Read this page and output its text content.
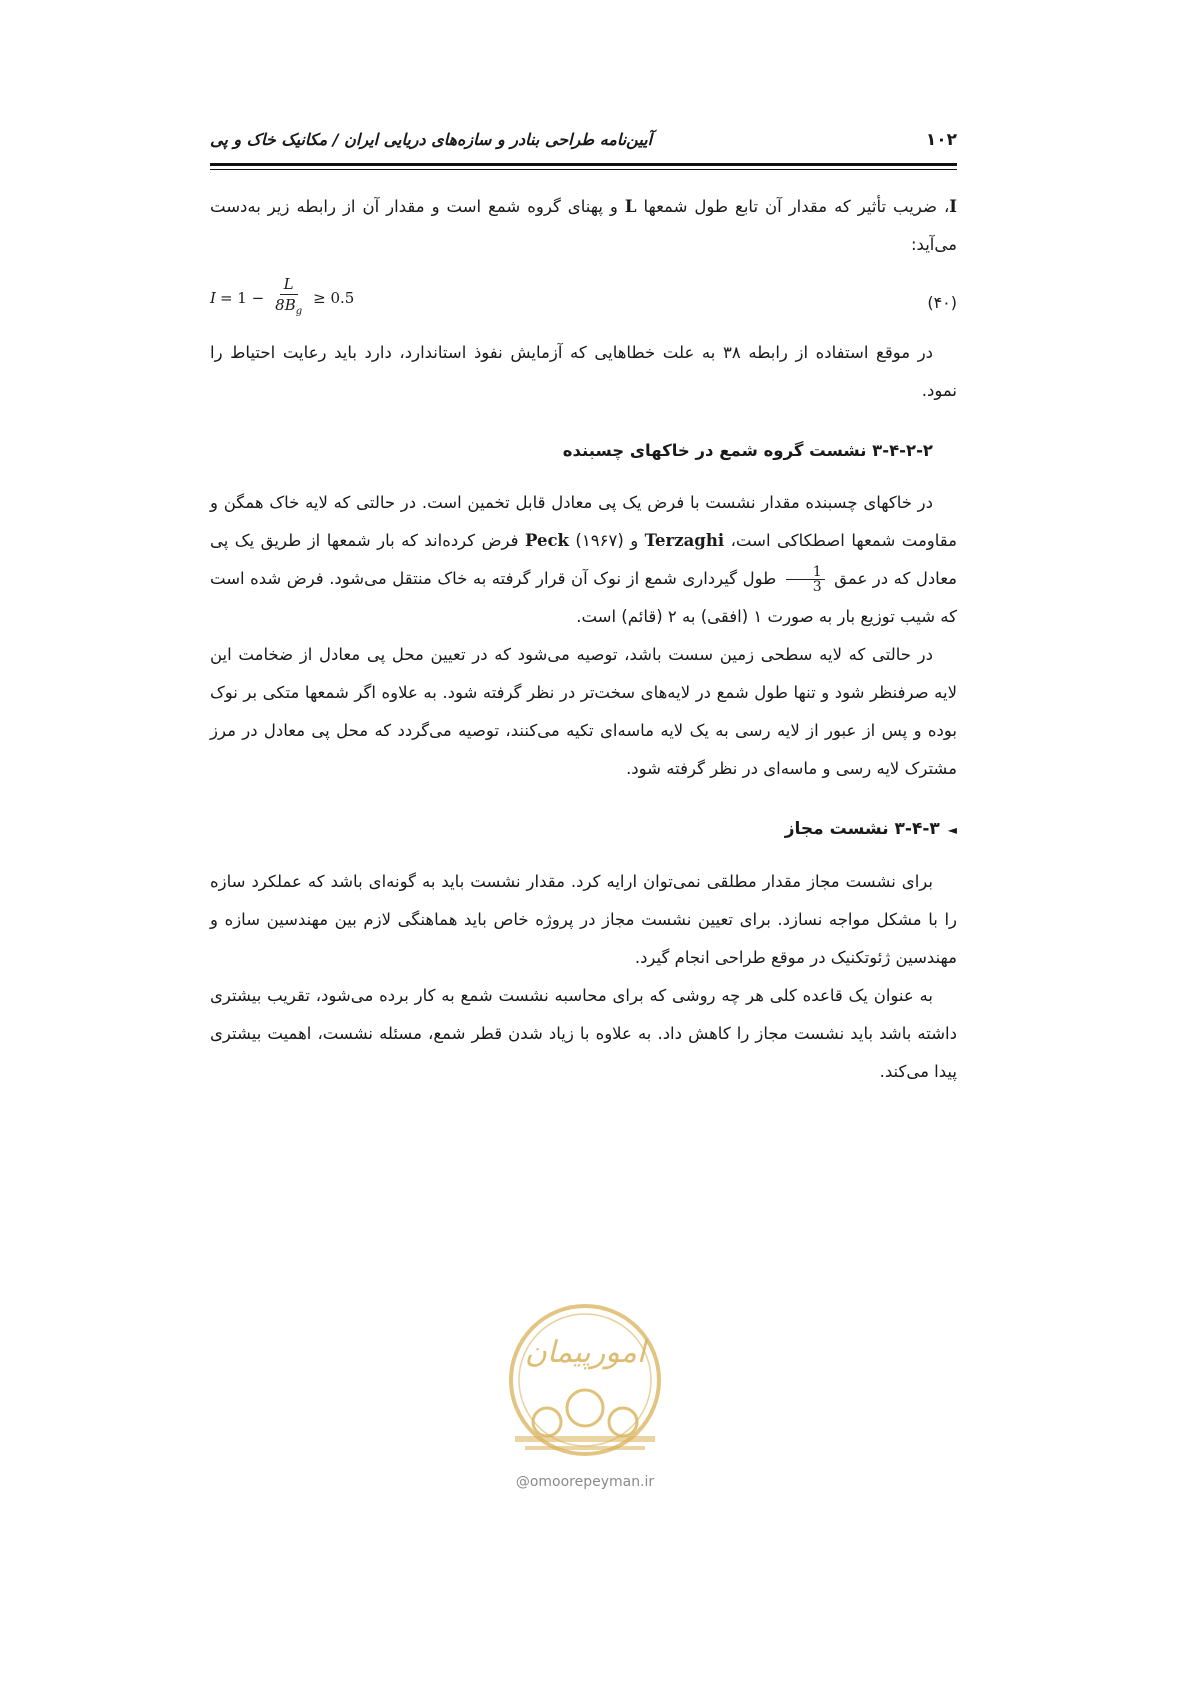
آیین‌نامه طراحی بنادر و سازه‌های دریایی ایران / مکانیک خاک و پی	۱۰۲

I، ضریب تأثیر که مقدار آن تابع طول شمعها L و پهنای گروه شمع است و مقدار آن از رابطه زیر به‌دست می‌آید:

$I = 1 - \frac{L}{8B_g} \ge 0.5$	(۴۰)

در موقع استفاده از رابطه ۳۸ به علت خطاهایی که آزمایش نفوذ استاندارد، دارد باید رعایت احتیاط را نمود.

۳-۴-۲-۲ نشست گروه شمع در خاکهای چسبنده

در خاکهای چسبنده مقدار نشست با فرض یک پی معادل قابل تخمین است. در حالتی که لایه خاک همگن و مقاومت شمعها اصطکاکی است، Terzaghi و Peck (۱۹۶۷) فرض کرده‌اند که بار شمعها از طریق یک پی معادل که در عمق
$\frac{1}{3}$
طول گیرداری شمع از نوک آن قرار گرفته به خاک منتقل می‌شود. فرض شده است که شیب توزیع بار به صورت ۱ (افقی) به ۲ (قائم) است.

در حالتی که لایه سطحی زمین سست باشد، توصیه می‌شود که در تعیین محل پی معادل از ضخامت این لایه صرفنظر شود و تنها طول شمع در لایه‌های سخت‌تر در نظر گرفته شود. به علاوه اگر شمعها متکی بر نوک بوده و پس از عبور از لایه رسی به یک لایه ماسه‌ای تکیه می‌کنند، توصیه می‌گردد که محل پی معادل در مرز مشترک لایه رسی و ماسه‌ای در نظر گرفته شود.

◄۳-۴-۳ نشست مجاز

برای نشست مجاز مقدار مطلقی نمی‌توان ارایه کرد. مقدار نشست باید به گونه‌ای باشد که عملکرد سازه را با مشکل مواجه نسازد. برای تعیین نشست مجاز در پروژه خاص باید هماهنگی لازم بین مهندسین سازه و مهندسین ژئوتکنیک در موقع طراحی انجام گیرد.

به عنوان یک قاعده کلی هر چه روشی که برای محاسبه نشست شمع به کار برده می‌شود، تقریب بیشتری داشته باشد باید نشست مجاز را کاهش داد. به علاوه با زیاد شدن قطر شمع، مسئله نشست، اهمیت بیشتری پیدا می‌کند.

امورپیمان
@omoorepeyman.ir
